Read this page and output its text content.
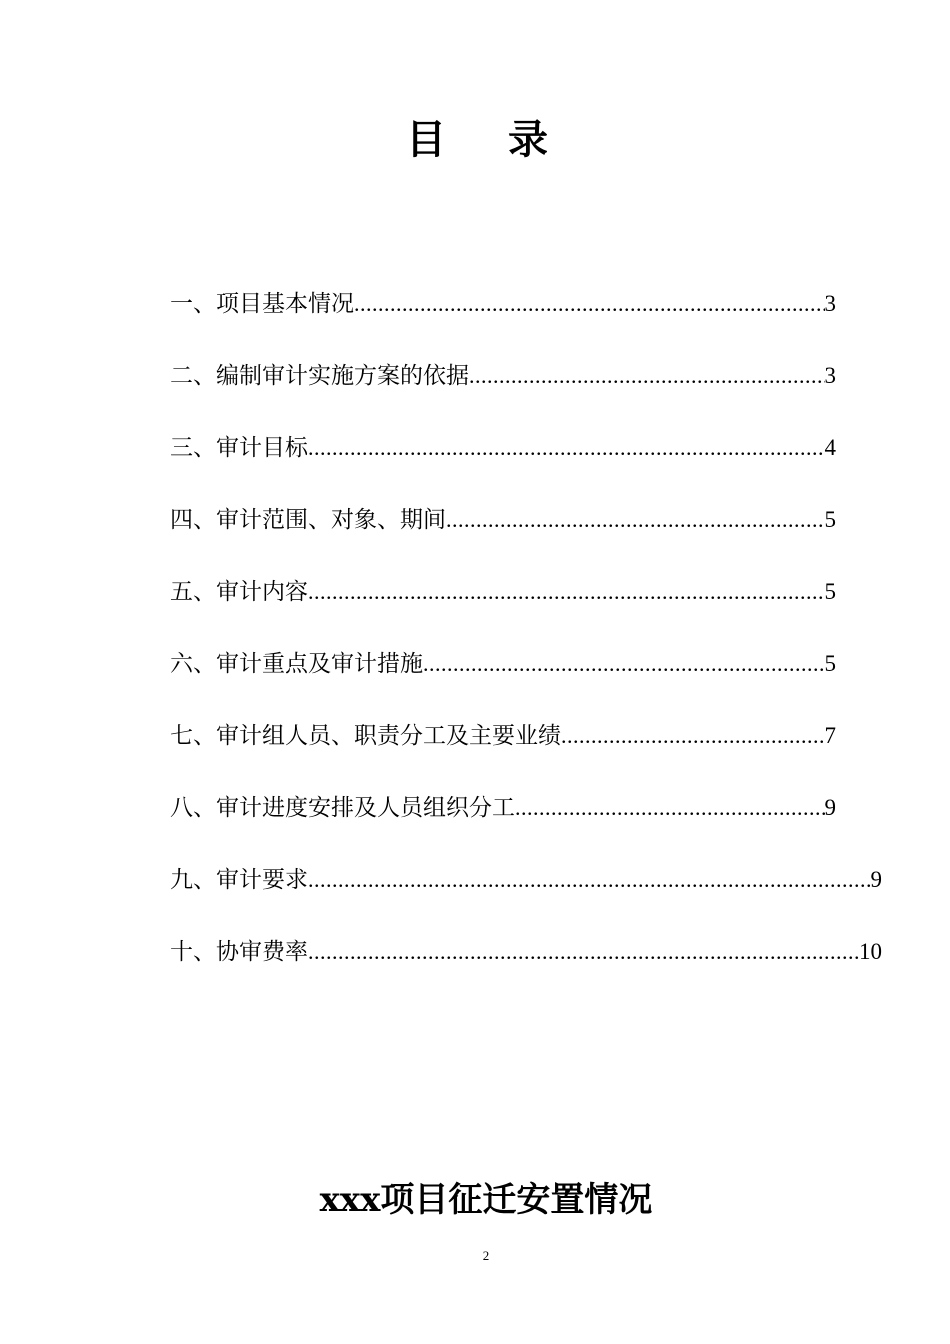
目 录
一、项目基本情况 .....	3
二、编制审计实施方案的依据 .....	3
三、审计目标 .....	4
四、审计范围、对象、期间 .....	5
五、审计内容 .....	5
六、审计重点及审计措施 .....	5
七、审计组人员、职责分工及主要业绩 .....	7
八、审计进度安排及人员组织分工 .....	9
九、审计要求 .....	9
十、协审费率 .....	10
xxx项目征迁安置情况
2
